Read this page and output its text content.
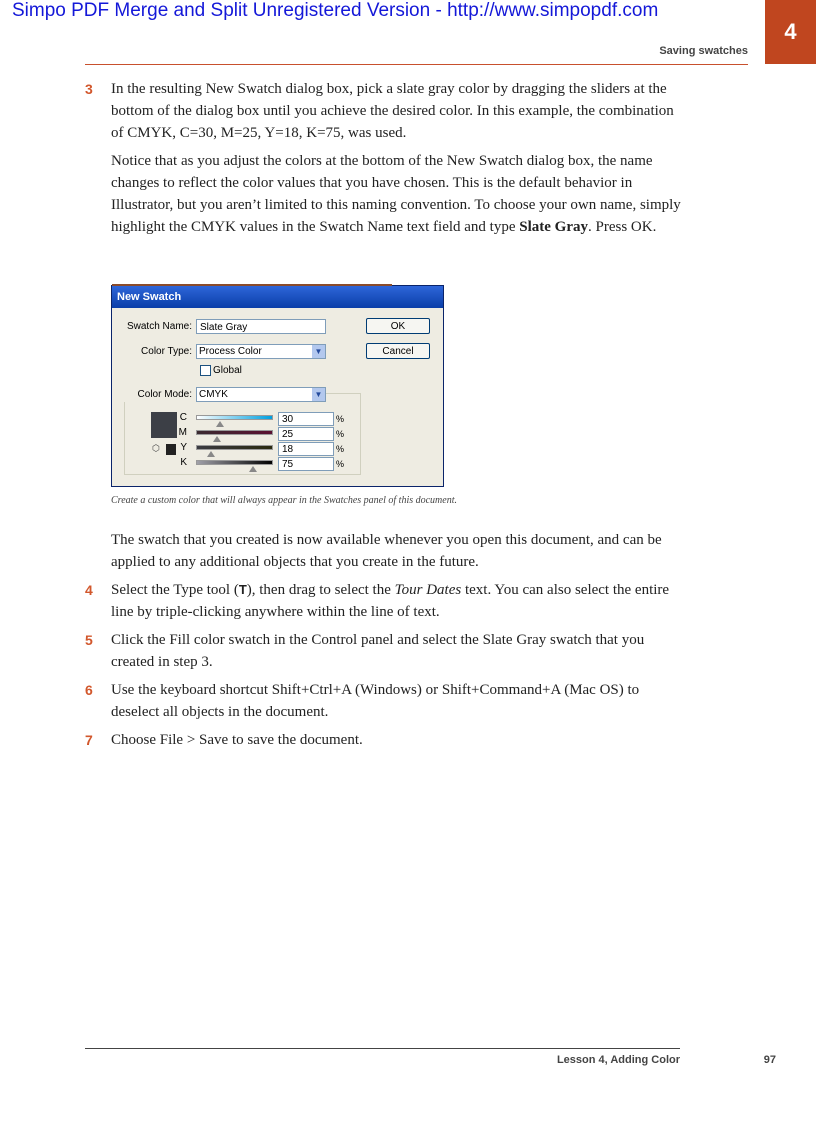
Simpo PDF Merge and Split Unregistered Version - http://www.simpopdf.com
Saving swatches
4
3	In the resulting New Swatch dialog box, pick a slate gray color by dragging the sliders at the bottom of the dialog box until you achieve the desired color. In this example, the combination of CMYK, C=30, M=25, Y=18, K=75, was used.
Notice that as you adjust the colors at the bottom of the New Swatch dialog box, the name changes to reflect the color values that you have chosen. This is the default behavior in Illustrator, but you aren’t limited to this naming convention. To choose your own name, simply highlight the CMYK values in the Swatch Name text field and type Slate Gray. Press OK.
New Swatch
Swatch Name: Slate Gray	OK
Color Type: Process Color	▼	Cancel
Global
Color Mode: CMYK	▼
⬡
C	30	%
M	25	%
Y	18	%
K	75	%
Create a custom color that will always appear in the Swatches panel of this document.
The swatch that you created is now available whenever you open this document, and can be applied to any additional objects that you create in the future.
4	Select the Type tool (T), then drag to select the Tour Dates text. You can also select the entire line by triple-clicking anywhere within the line of text.
5	Click the Fill color swatch in the Control panel and select the Slate Gray swatch that you created in step 3.
6	Use the keyboard shortcut Shift+Ctrl+A (Windows) or Shift+Command+A (Mac OS) to deselect all objects in the document.
7	Choose File > Save to save the document.
Lesson 4, Adding Color	97
